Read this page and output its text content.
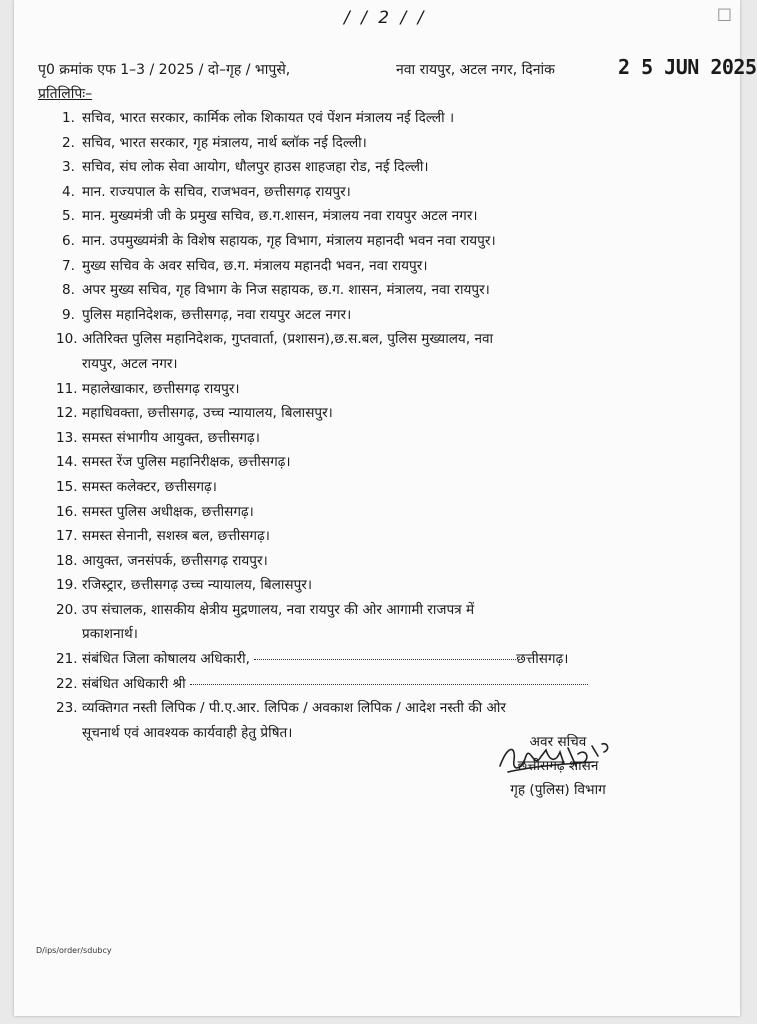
/ / 2 / /	□
पृ0 क्रमांक एफ 1–3 / 2025 / दो–गृह / भापुसे,	नवा रायपुर, अटल नगर, दिनांक	2 5 JUN 2025
प्रतिलिपिः–
1. सचिव, भारत सरकार, कार्मिक लोक शिकायत एवं पेंशन मंत्रालय नई दिल्ली ।
2. सचिव, भारत सरकार, गृह मंत्रालय, नार्थ ब्लॉक नई दिल्ली।
3. सचिव, संघ लोक सेवा आयोग, धौलपुर हाउस शाहजहा रोड, नई दिल्ली।
4. मान. राज्यपाल के सचिव, राजभवन, छत्तीसगढ़ रायपुर।
5. मान. मुख्यमंत्री जी के प्रमुख सचिव, छ.ग.शासन, मंत्रालय नवा रायपुर अटल नगर।
6. मान. उपमुख्यमंत्री के विशेष सहायक, गृह विभाग, मंत्रालय महानदी भवन नवा रायपुर।
7. मुख्य सचिव के अवर सचिव, छ.ग. मंत्रालय महानदी भवन, नवा रायपुर।
8. अपर मुख्य सचिव, गृह विभाग के निज सहायक, छ.ग. शासन, मंत्रालय, नवा रायपुर।
9. पुलिस महानिदेशक, छत्तीसगढ़, नवा रायपुर अटल नगर।
10. अतिरिक्त पुलिस महानिदेशक, गुप्तवार्ता, (प्रशासन),छ.स.बल, पुलिस मुख्यालय, नवा
रायपुर, अटल नगर।
11. महालेखाकार, छत्तीसगढ़ रायपुर।
12. महाधिवक्ता, छत्तीसगढ़, उच्च न्यायालय, बिलासपुर।
13. समस्त संभागीय आयुक्त, छत्तीसगढ़।
14. समस्त रेंज पुलिस महानिरीक्षक, छत्तीसगढ़।
15. समस्त कलेक्टर, छत्तीसगढ़।
16. समस्त पुलिस अधीक्षक, छत्तीसगढ़।
17. समस्त सेनानी, सशस्त्र बल, छत्तीसगढ़।
18. आयुक्त, जनसंपर्क, छत्तीसगढ़ रायपुर।
19. रजिस्ट्रार, छत्तीसगढ़ उच्च न्यायालय, बिलासपुर।
20. उप संचालक, शासकीय क्षेत्रीय मुद्रणालय, नवा रायपुर की ओर आगामी राजपत्र में
प्रकाशनार्थ।
21. संबंधित जिला कोषालय अधिकारी,	छत्तीसगढ़।
22. संबंधित अधिकारी श्री
23. व्यक्तिगत नस्ती लिपिक / पी.ए.आर. लिपिक / अवकाश लिपिक / आदेश नस्ती की ओर
सूचनार्थ एवं आवश्यक कार्यवाही हेतु प्रेषित।
अवर सचिव
छत्तीसगढ़ शासन
गृह (पुलिस) विभाग
D/ips/order/sdubcy
